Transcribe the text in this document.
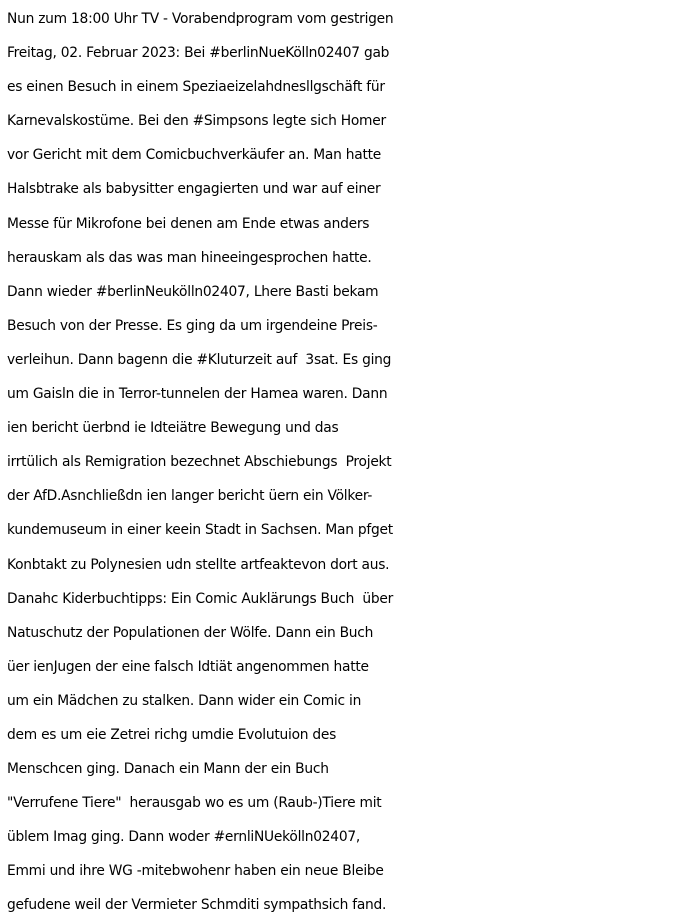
Nun zum 18:00 Uhr TV - Vorabendprogram vom gestrigen
Freitag, 02. Februar 2023: Bei #berlinNueKölln02407 gab
es einen Besuch in einem Speziaeizelahdnesllgschäft für
Karnevalskostüme. Bei den #Simpsons legte sich Homer
vor Gericht mit dem Comicbuchverkäufer an. Man hatte
Halsbtrake als babysitter engagierten und war auf einer
Messe für Mikrofone bei denen am Ende etwas anders
herauskam als das was man hineeingesprochen hatte.
Dann wieder #berlinNeukölln02407, Lhere Basti bekam
Besuch von der Presse. Es ging da um irgendeine Preis-
verleihun. Dann bagenn die #Kluturzeit auf  3sat. Es ging
um Gaisln die in Terror-tunnelen der Hamea waren. Dann
ien bericht üerbnd ie Idteiätre Bewegung und das
irrtülich als Remigration bezechnet Abschiebungs  Projekt
der AfD.Asnchließdn ien langer bericht üern ein Völker-
kundemuseum in einer keein Stadt in Sachsen. Man pfget
Konbtakt zu Polynesien udn stellte artfeaktevon dort aus.
Danahc Kiderbuchtipps: Ein Comic Auklärungs Buch  über
Natuschutz der Populationen der Wölfe. Dann ein Buch
üer ienJugen der eine falsch Idtiät angenommen hatte
um ein Mädchen zu stalken. Dann wider ein Comic in
dem es um eie Zetrei richg umdie Evolutuion des
Menschcen ging. Danach ein Mann der ein Buch
"Verrufene Tiere"  herausgab wo es um (Raub-)Tiere mit
üblem Imag ging. Dann woder #ernliNUekölln02407,
Emmi und ihre WG -mitebwohenr haben ein neue Bleibe
gefudene weil der Vermieter Schmditi sympathsich fand.
